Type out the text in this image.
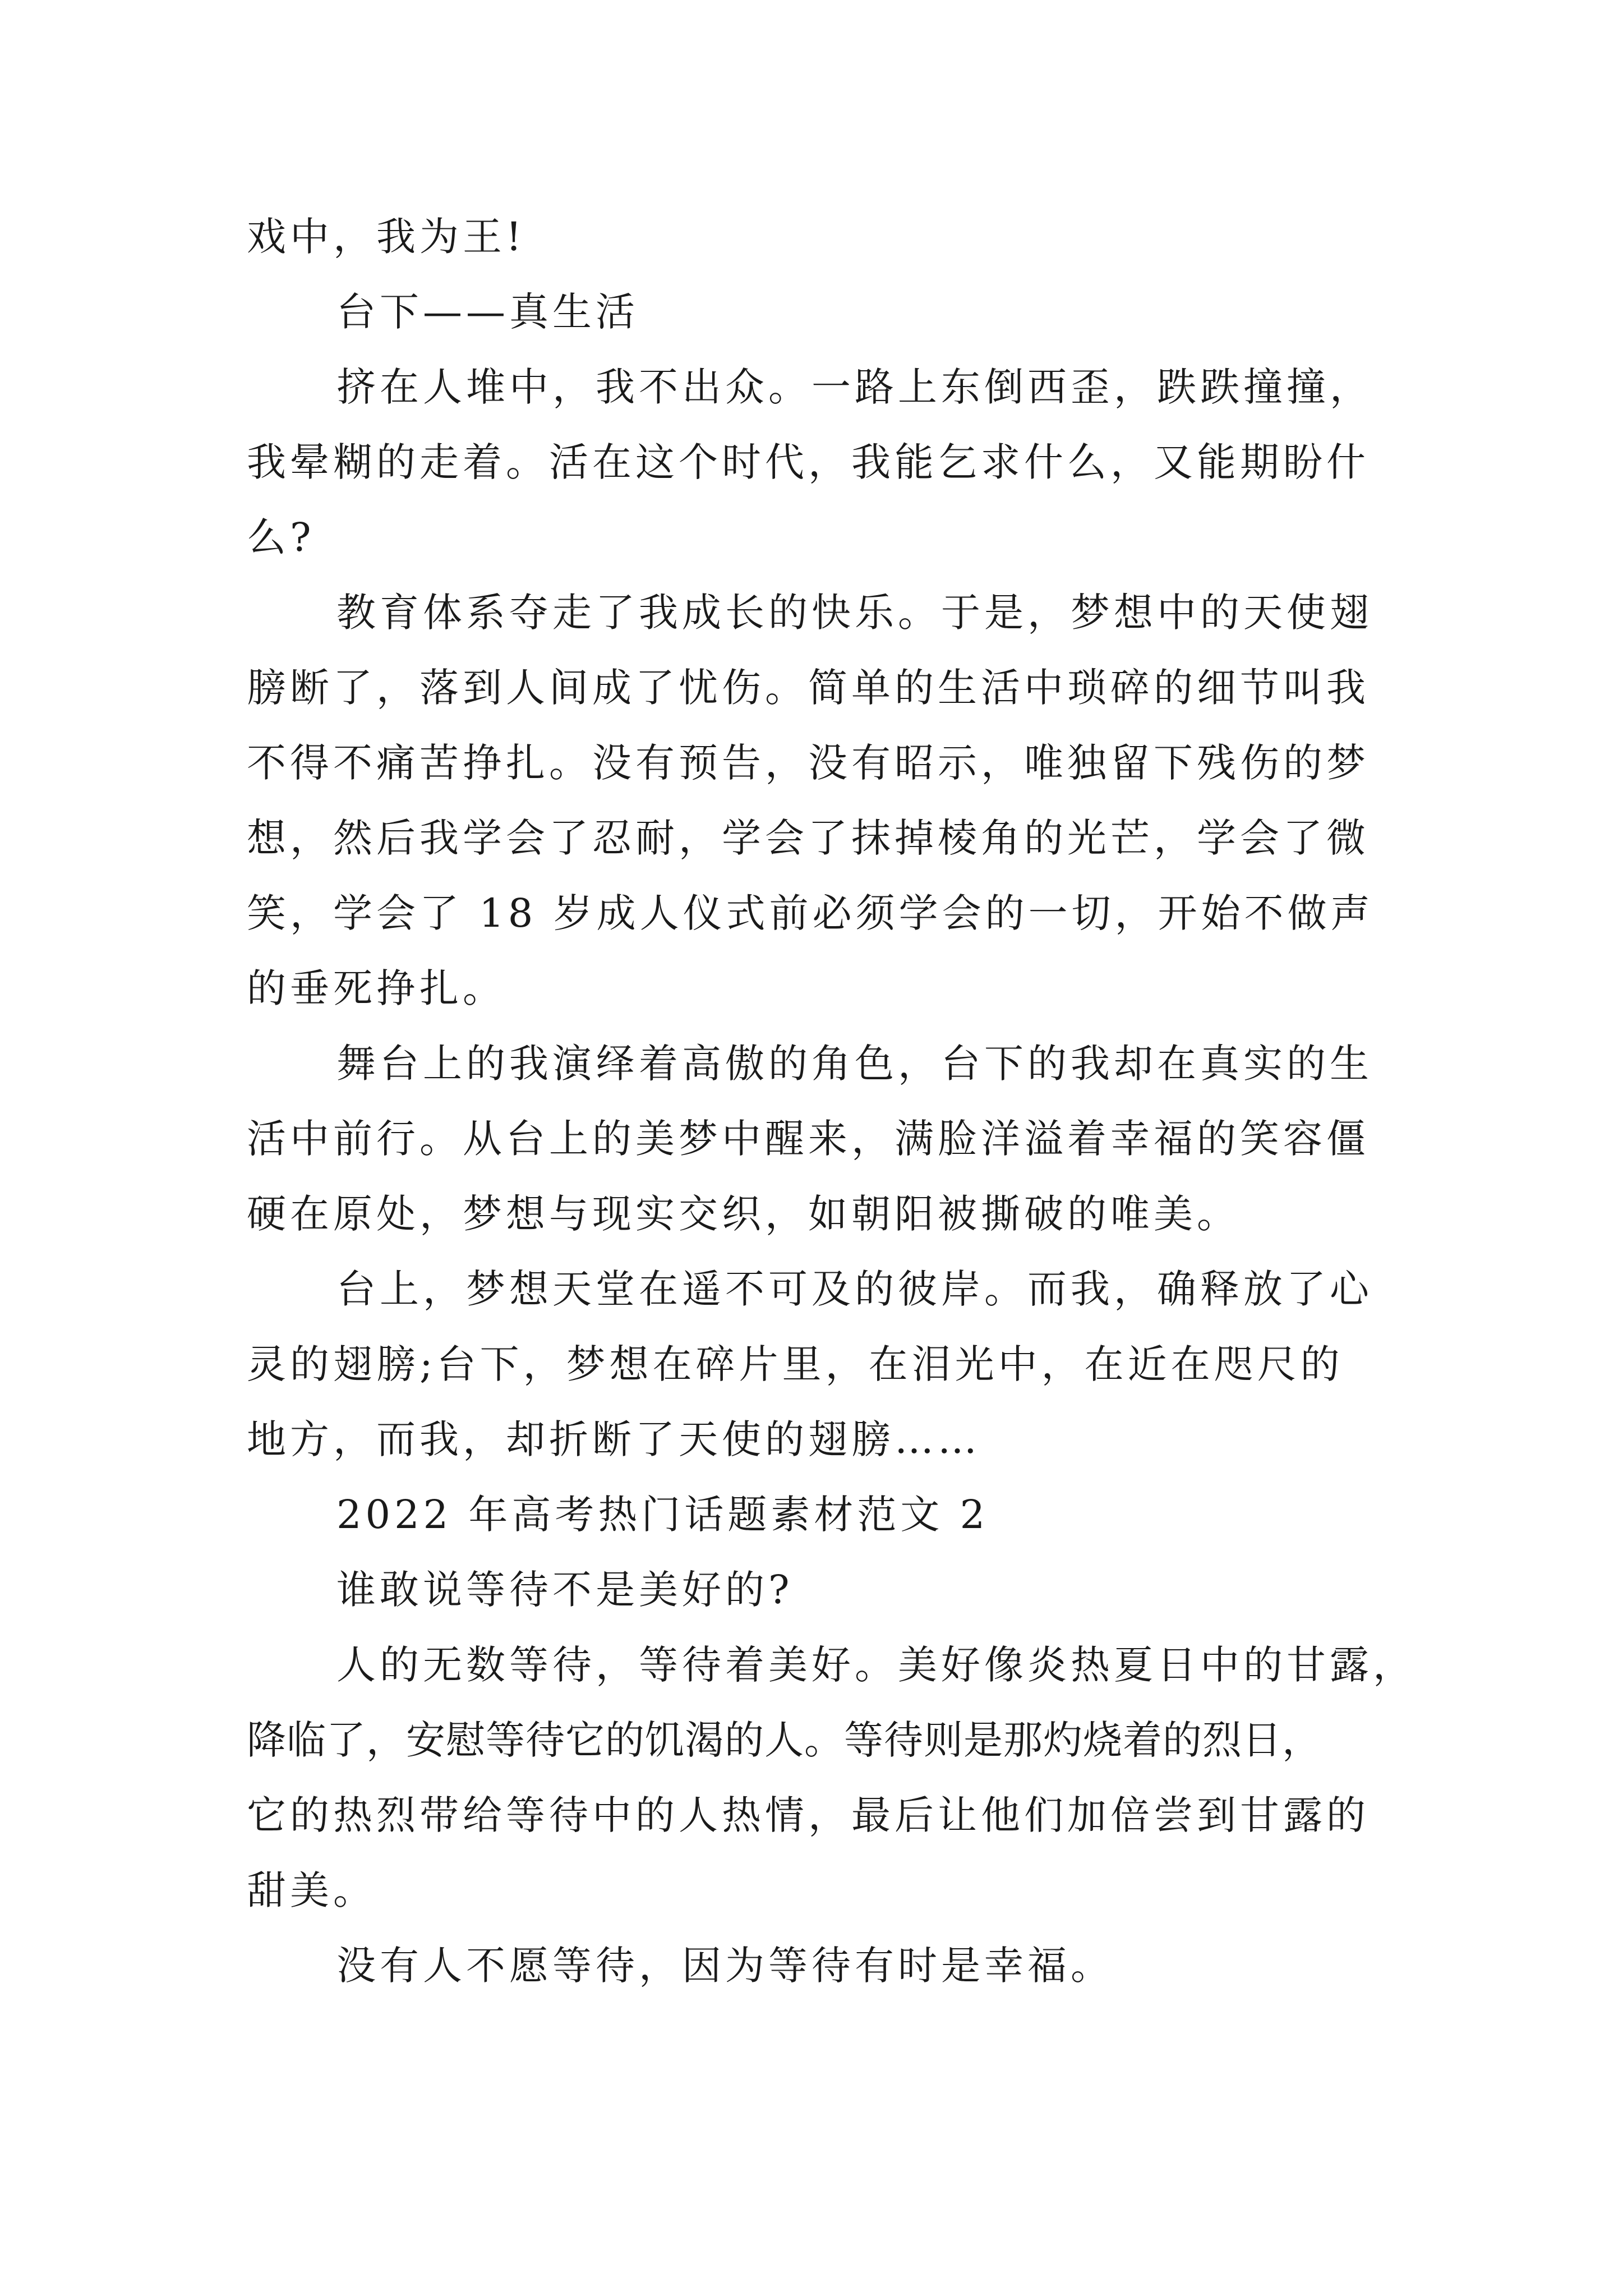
戏中，我为王!

台下——真生活

挤在人堆中，我不出众。一路上东倒西歪，跌跌撞撞，

我晕糊的走着。活在这个时代，我能乞求什么，又能期盼什

么?

教育体系夺走了我成长的快乐。于是，梦想中的天使翅

膀断了，落到人间成了忧伤。简单的生活中琐碎的细节叫我

不得不痛苦挣扎。没有预告，没有昭示，唯独留下残伤的梦

想，然后我学会了忍耐，学会了抹掉棱角的光芒，学会了微

笑，学会了 18 岁成人仪式前必须学会的一切，开始不做声

的垂死挣扎。

舞台上的我演绎着高傲的角色，台下的我却在真实的生

活中前行。从台上的美梦中醒来，满脸洋溢着幸福的笑容僵

硬在原处，梦想与现实交织，如朝阳被撕破的唯美。

台上，梦想天堂在遥不可及的彼岸。而我，确释放了心

灵的翅膀;台下，梦想在碎片里，在泪光中，在近在咫尺的

地方，而我，却折断了天使的翅膀……

2022 年高考热门话题素材范文 2

谁敢说等待不是美好的?

人的无数等待，等待着美好。美好像炎热夏日中的甘露，

降临了，安慰等待它的饥渴的人。等待则是那灼烧着的烈日，

它的热烈带给等待中的人热情，最后让他们加倍尝到甘露的

甜美。

没有人不愿等待，因为等待有时是幸福。
